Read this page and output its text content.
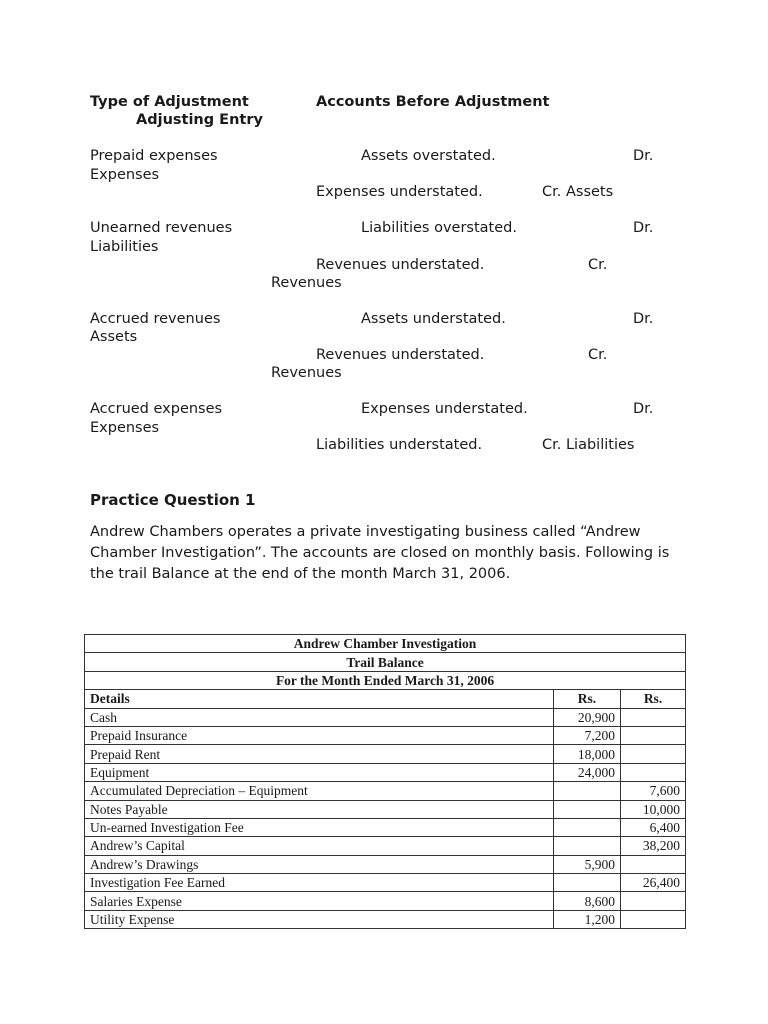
Type of Adjustment	Accounts Before Adjustment
Adjusting Entry
Prepaid expenses	Assets overstated.	Dr.
Expenses
Expenses understated.	Cr. Assets
Unearned revenues	Liabilities overstated.	Dr.
Liabilities
Revenues understated.	Cr.
Revenues
Accrued revenues	Assets understated.	Dr.
Assets
Revenues understated.	Cr.
Revenues
Accrued expenses	Expenses understated.	Dr.
Expenses
Liabilities understated.	Cr. Liabilities
Practice Question 1
Andrew Chambers operates a private investigating business called “Andrew Chamber Investigation”. The accounts are closed on monthly basis. Following is the trail Balance at the end of the month March 31, 2006.
Andrew Chamber Investigation		
Trail Balance		
For the Month Ended March 31, 2006		
Details	Rs.	Rs.
Cash	20,900	
Prepaid Insurance	7,200	
Prepaid Rent	18,000	
Equipment	24,000	
Accumulated Depreciation – Equipment		7,600
Notes Payable		10,000
Un-earned Investigation Fee		6,400
Andrew’s Capital		38,200
Andrew’s Drawings	5,900	
Investigation Fee Earned		26,400
Salaries Expense	8,600	
Utility Expense	1,200	
